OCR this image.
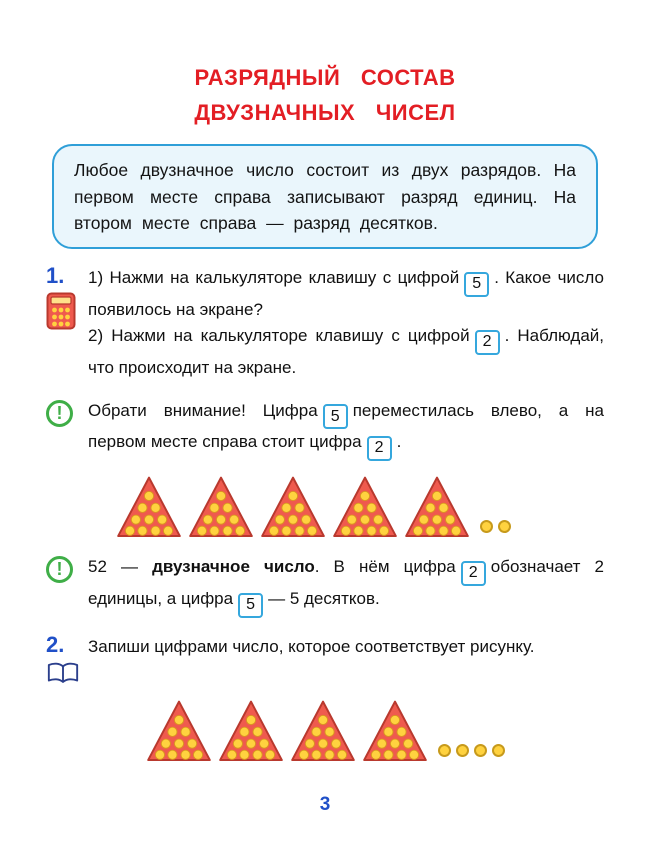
РАЗРЯДНЫЙ СОСТАВ
ДВУЗНАЧНЫХ ЧИСЕЛ

Любое двузначное число состоит из двух разрядов. На первом месте справа записывают разряд единиц. На втором месте справа — разряд десятков.

1. 1) Нажми на калькуляторе клавишу с цифрой 5 . Какое число появилось на экране?

2) Нажми на калькуляторе клавишу с цифрой 2 . Наблюдай, что происходит на экране.

!	Обрати внимание! Цифра 5 переместилась влево, а на первом месте справа стоит цифра 2 .

!	52 — двузначное число. В нём цифра 2 обозначает 2 единицы, а цифра 5 — 5 десятков.

2. Запиши цифрами число, которое соответствует рисунку.

3
